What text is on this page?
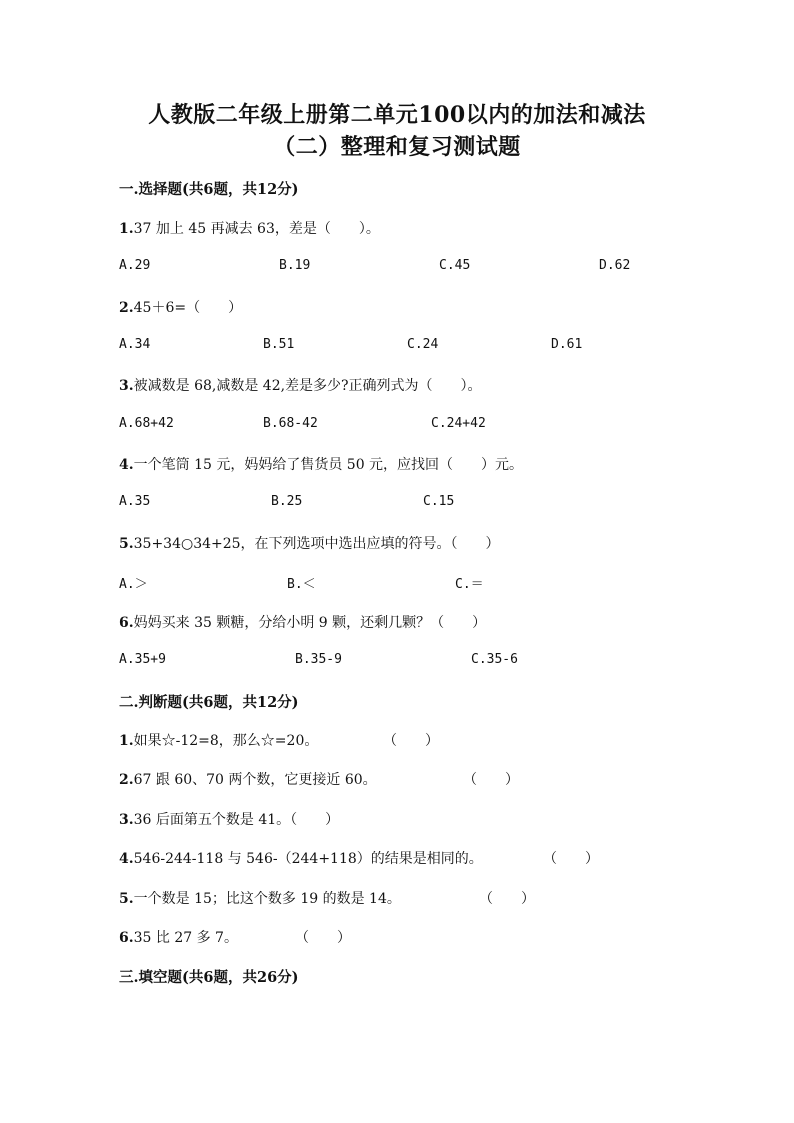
人教版二年级上册第二单元100以内的加法和减法
（二）整理和复习测试题
一.选择题(共6题，共12分)
1.37 加上 45 再减去 63，差是（　　）。
A.29	B.19	C.45	D.62
2.45＋6=（　　）
A.34	B.51	C.24	D.61
3.被减数是 68,减数是 42,差是多少?正确列式为（　　）。
A.68+42	B.68-42	C.24+42
4.一个笔筒 15 元，妈妈给了售货员 50 元，应找回（　　）元。
A.35	B.25	C.15
5.35+34○34+25，在下列选项中选出应填的符号。（　　）
A.＞	B.＜	C.＝
6.妈妈买来 35 颗糖，分给小明 9 颗，还剩几颗？（　　）
A.35+9	B.35-9	C.35-6
二.判断题(共6题，共12分)
1.如果☆-12=8，那么☆=20。	（　　）
2.67 跟 60、70 两个数，它更接近 60。	（　　）
3.36 后面第五个数是 41。（　　）
4.546-244-118 与 546-（244+118）的结果是相同的。	（　　）
5.一个数是 15；比这个数多 19 的数是 14。	（　　）
6.35 比 27 多 7。	（　　）
三.填空题(共6题，共26分)
